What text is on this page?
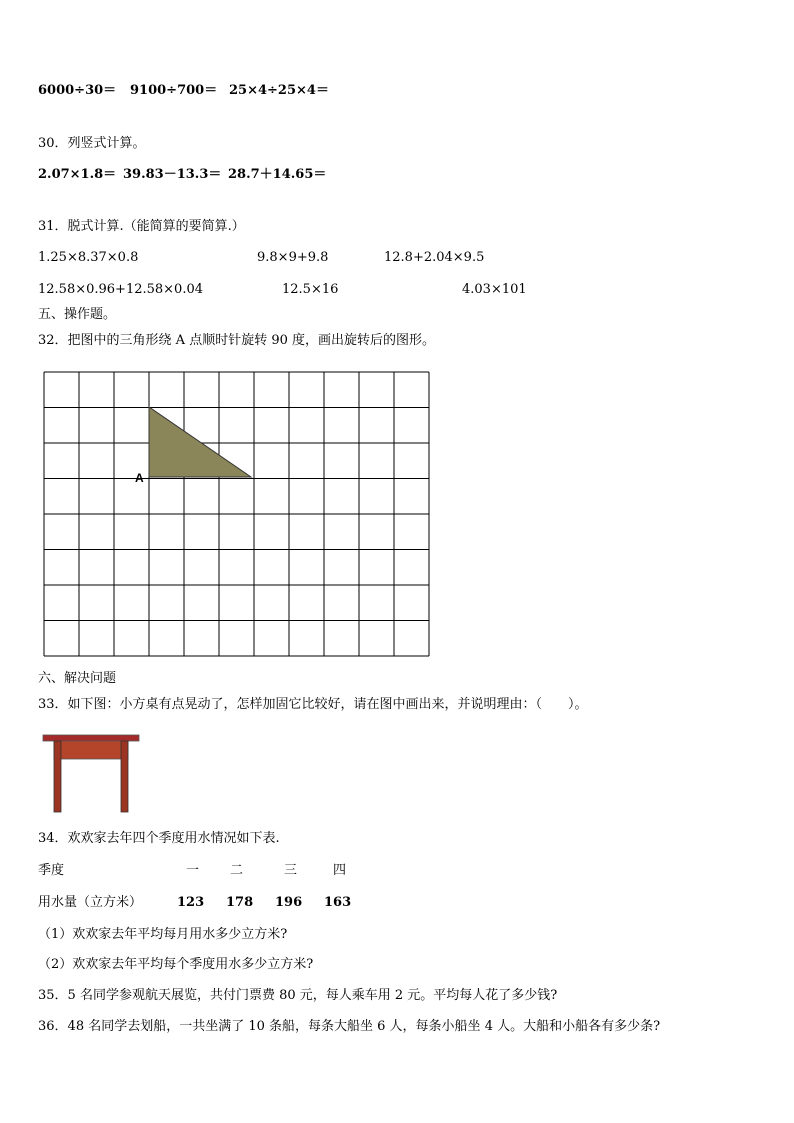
6000÷30＝ 9100÷700＝ 25×4÷25×4＝
30．列竖式计算。
2.07×1.8＝ 39.83－13.3＝ 28.7＋14.65＝
31．脱式计算.（能简算的要简算.）
1.25×8.37×0.8	9.8×9+9.8	12.8+2.04×9.5
12.58×0.96+12.58×0.04	12.5×16	4.03×101
五、操作题。
32．把图中的三角形绕 A 点顺时针旋转 90 度，画出旋转后的图形。
A
六、解决问题
33．如下图：小方桌有点晃动了，怎样加固它比较好，请在图中画出来，并说明理由：（　　）。
34．欢欢家去年四个季度用水情况如下表.
季度	一 二	三	四
用水量（立方米）	123 178 196 163
（1）欢欢家去年平均每月用水多少立方米?
（2）欢欢家去年平均每个季度用水多少立方米?
35．5 名同学参观航天展览，共付门票费 80 元，每人乘车用 2 元。平均每人花了多少钱?
36．48 名同学去划船，一共坐满了 10 条船，每条大船坐 6 人，每条小船坐 4 人。大船和小船各有多少条?
